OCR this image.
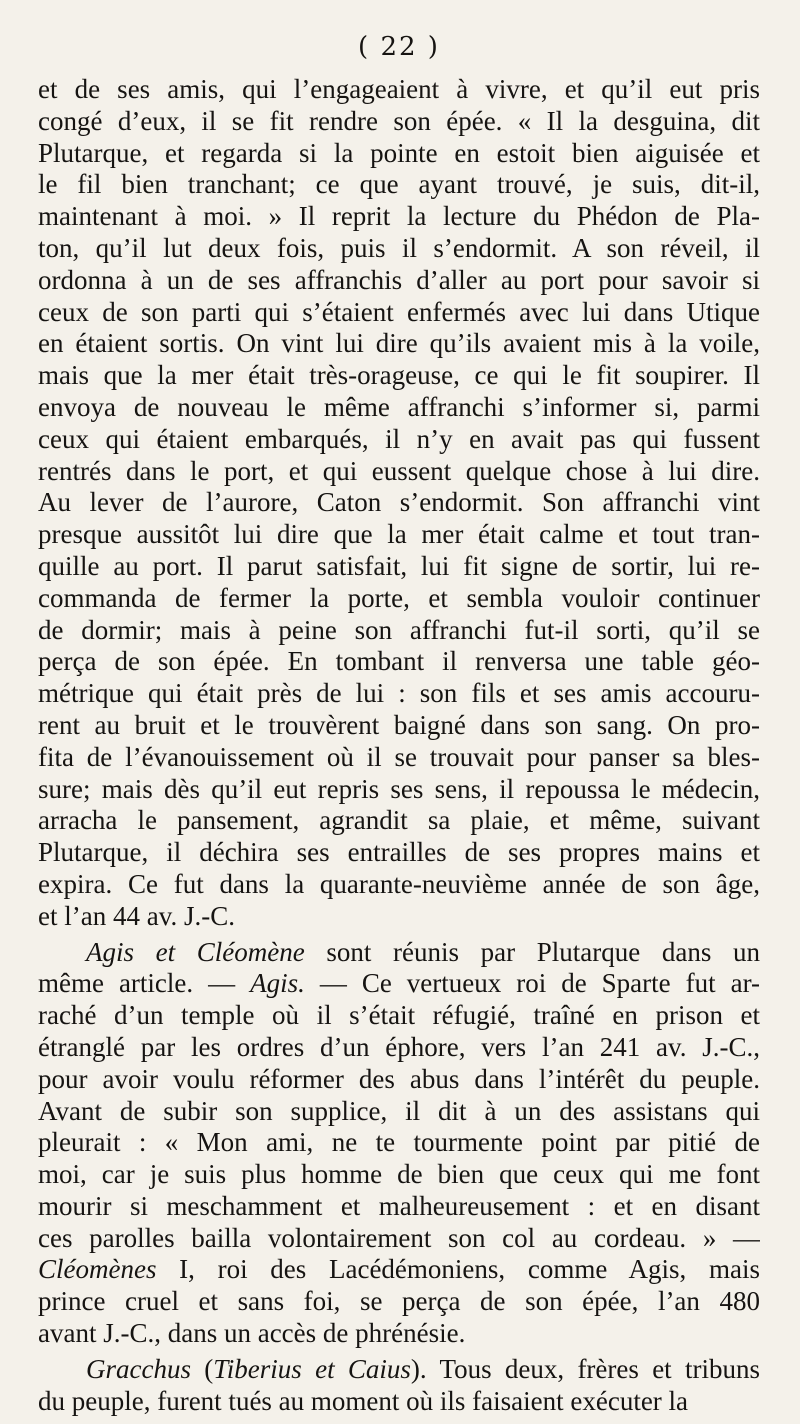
( 22 )
et de ses amis, qui l’engageaient à vivre, et qu’il eut pris
congé d’eux, il se fit rendre son épée. « Il la desguina, dit
Plutarque, et regarda si la pointe en estoit bien aiguisée et
le fil bien tranchant; ce que ayant trouvé, je suis, dit-il,
maintenant à moi. » Il reprit la lecture du Phédon de Pla-
ton, qu’il lut deux fois, puis il s’endormit. A son réveil, il
ordonna à un de ses affranchis d’aller au port pour savoir si
ceux de son parti qui s’étaient enfermés avec lui dans Utique
en étaient sortis. On vint lui dire qu’ils avaient mis à la voile,
mais que la mer était très-orageuse, ce qui le fit soupirer. Il
envoya de nouveau le même affranchi s’informer si, parmi
ceux qui étaient embarqués, il n’y en avait pas qui fussent
rentrés dans le port, et qui eussent quelque chose à lui dire.
Au lever de l’aurore, Caton s’endormit. Son affranchi vint
presque aussitôt lui dire que la mer était calme et tout tran-
quille au port. Il parut satisfait, lui fit signe de sortir, lui re-
commanda de fermer la porte, et sembla vouloir continuer
de dormir; mais à peine son affranchi fut-il sorti, qu’il se
perça de son épée. En tombant il renversa une table géo-
métrique qui était près de lui : son fils et ses amis accouru-
rent au bruit et le trouvèrent baigné dans son sang. On pro-
fita de l’évanouissement où il se trouvait pour panser sa bles-
sure; mais dès qu’il eut repris ses sens, il repoussa le médecin,
arracha le pansement, agrandit sa plaie, et même, suivant
Plutarque, il déchira ses entrailles de ses propres mains et
expira. Ce fut dans la quarante-neuvième année de son âge,
et l’an 44 av. J.-C.
Agis et Cléomène sont réunis par Plutarque dans un
même article. — Agis. — Ce vertueux roi de Sparte fut ar-
raché d’un temple où il s’était réfugié, traîné en prison et
étranglé par les ordres d’un éphore, vers l’an 241 av. J.-C.,
pour avoir voulu réformer des abus dans l’intérêt du peuple.
Avant de subir son supplice, il dit à un des assistans qui
pleurait : « Mon ami, ne te tourmente point par pitié de
moi, car je suis plus homme de bien que ceux qui me font
mourir si meschamment et malheureusement : et en disant
ces parolles bailla volontairement son col au cordeau. » —
Cléomènes I, roi des Lacédémoniens, comme Agis, mais
prince cruel et sans foi, se perça de son épée, l’an 480
avant J.-C., dans un accès de phrénésie.
Gracchus (Tiberius et Caius). Tous deux, frères et tribuns
du peuple, furent tués au moment où ils faisaient exécuter la
